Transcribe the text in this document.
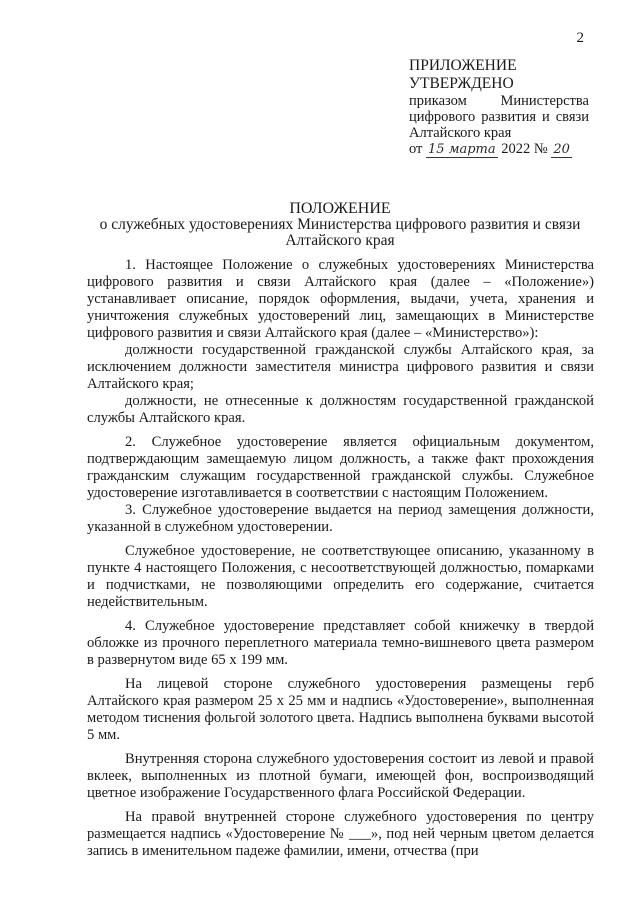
2
ПРИЛОЖЕНИЕ
УТВЕРЖДЕНО
приказом Министерства
цифрового развития и связи
Алтайского края
от 15 марта 2022 № 20
ПОЛОЖЕНИЕ
о служебных удостоверениях Министерства цифрового развития и связи
Алтайского края

1. Настоящее Положение о служебных удостоверениях Министерства цифрового развития и связи Алтайского края (далее – «Положение») устанавливает описание, порядок оформления, выдачи, учета, хранения и уничтожения служебных удостоверений лиц, замещающих в Министерстве цифрового развития и связи Алтайского края (далее – «Министерство»):

должности государственной гражданской службы Алтайского края, за исключением должности заместителя министра цифрового развития и связи Алтайского края;

должности, не отнесенные к должностям государственной гражданской службы Алтайского края.

2. Служебное удостоверение является официальным документом, подтверждающим замещаемую лицом должность, а также факт прохождения гражданским служащим государственной гражданской службы. Служебное удостоверение изготавливается в соответствии с настоящим Положением.

3. Служебное удостоверение выдается на период замещения должности, указанной в служебном удостоверении.

Служебное удостоверение, не соответствующее описанию, указанному в пункте 4 настоящего Положения, с несоответствующей должностью, помарками и подчистками, не позволяющими определить его содержание, считается недействительным.

4. Служебное удостоверение представляет собой книжечку в твердой обложке из прочного переплетного материала темно-вишневого цвета размером в развернутом виде 65 х 199 мм.

На лицевой стороне служебного удостоверения размещены герб Алтайского края размером 25 х 25 мм и надпись «Удостоверение», выполненная методом тиснения фольгой золотого цвета. Надпись выполнена буквами высотой 5 мм.

Внутренняя сторона служебного удостоверения состоит из левой и правой вклеек, выполненных из плотной бумаги, имеющей фон, воспроизводящий цветное изображение Государственного флага Российской Федерации.

На правой внутренней стороне служебного удостоверения по центру размещается надпись «Удостоверение № ___», под ней черным цветом делается запись в именительном падеже фамилии, имени, отчества (при
